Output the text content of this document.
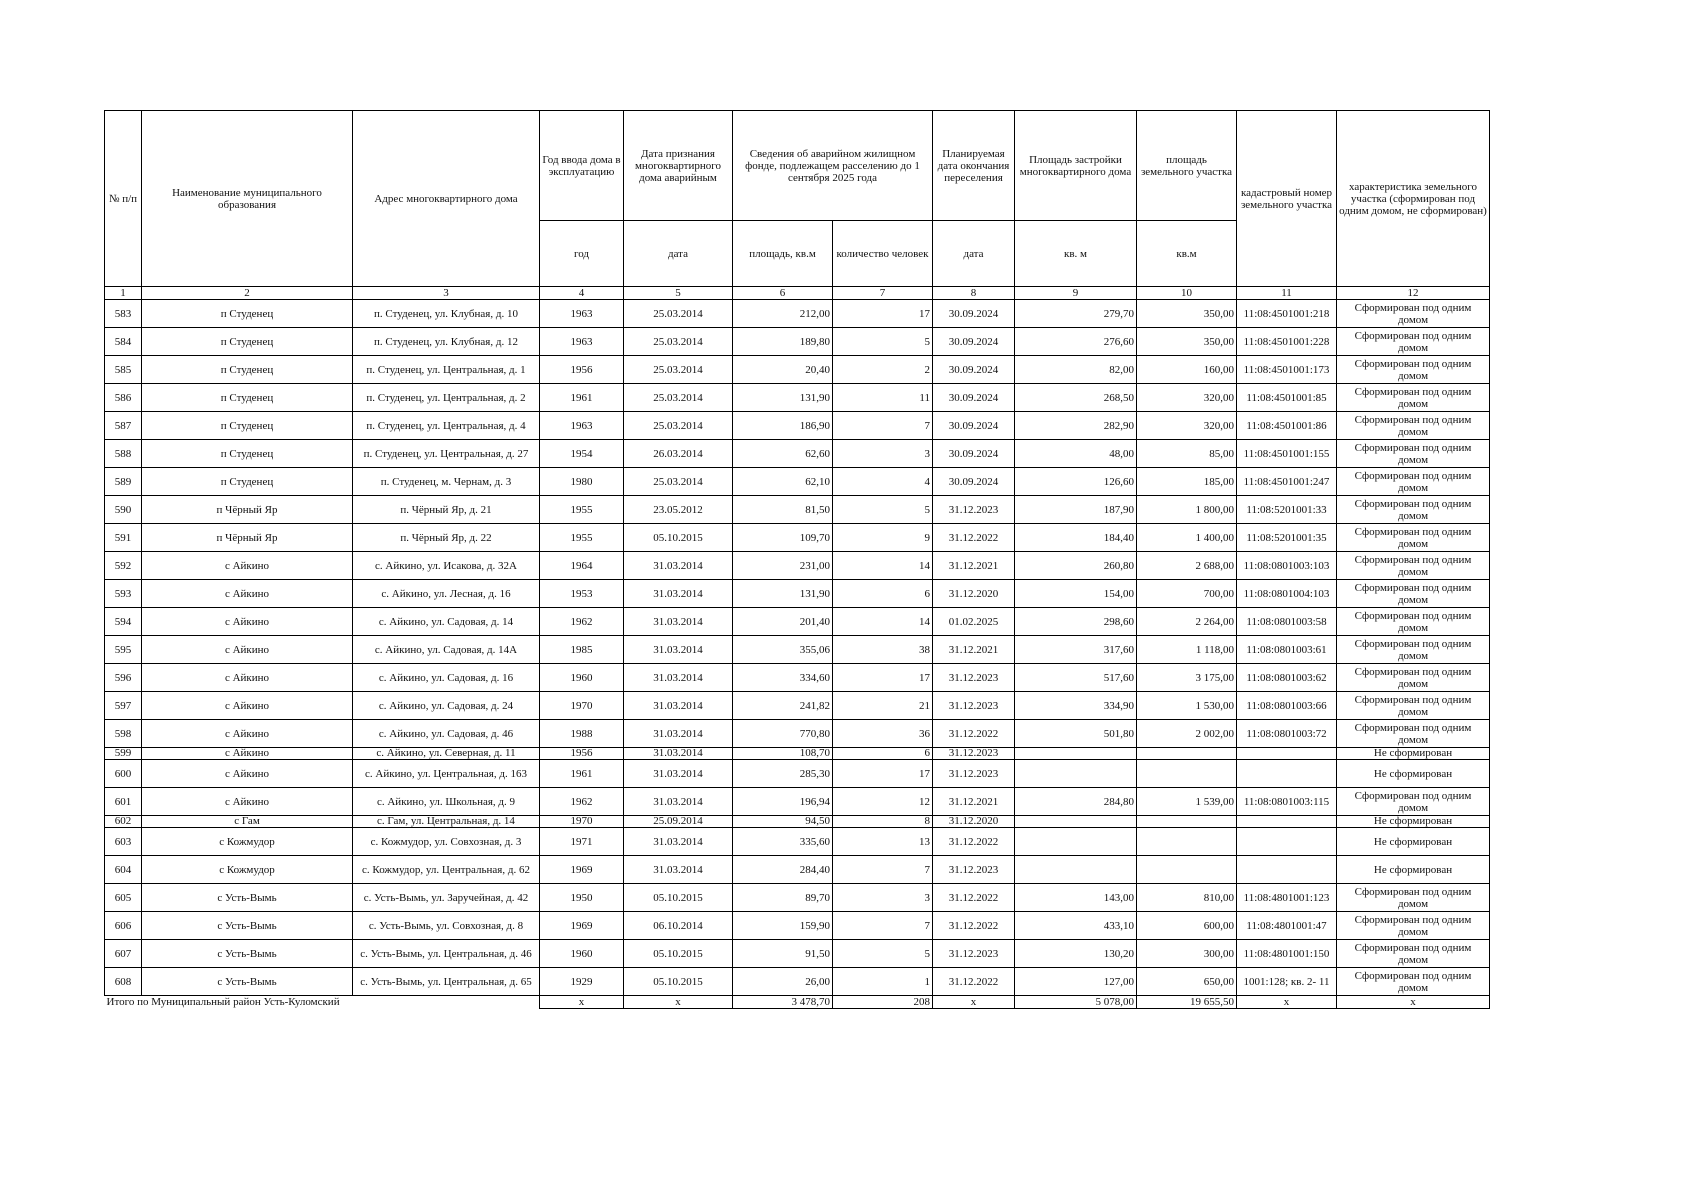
№ п/п	Наименование муниципального образования	Адрес многоквартирного дома	Год ввода дома в эксплуатацию	Дата признания многоквартирного дома аварийным	Сведения об аварийном жилищном фонде, подлежащем расселению до 1 сентября 2025 года		Планируемая дата окончания переселения	Площадь застройки многоквартирного дома	площадь земельного участка	кадастровый номер земельного участка	характеристика земельного участка (сформирован под одним домом, не сформирован)
			год	дата	площадь, кв.м	количество человек	дата	кв. м	кв.м		
1	2	3	4	5	6	7	8	9	10	11	12
583	п Студенец	п. Студенец, ул. Клубная, д. 10	1963	25.03.2014	212,00	17	30.09.2024	279,70	350,00	11:08:4501001:218	Сформирован под одним домом
584	п Студенец	п. Студенец, ул. Клубная, д. 12	1963	25.03.2014	189,80	5	30.09.2024	276,60	350,00	11:08:4501001:228	Сформирован под одним домом
585	п Студенец	п. Студенец, ул. Центральная, д. 1	1956	25.03.2014	20,40	2	30.09.2024	82,00	160,00	11:08:4501001:173	Сформирован под одним домом
586	п Студенец	п. Студенец, ул. Центральная, д. 2	1961	25.03.2014	131,90	11	30.09.2024	268,50	320,00	11:08:4501001:85	Сформирован под одним домом
587	п Студенец	п. Студенец, ул. Центральная, д. 4	1963	25.03.2014	186,90	7	30.09.2024	282,90	320,00	11:08:4501001:86	Сформирован под одним домом
588	п Студенец	п. Студенец, ул. Центральная, д. 27	1954	26.03.2014	62,60	3	30.09.2024	48,00	85,00	11:08:4501001:155	Сформирован под одним домом
589	п Студенец	п. Студенец, м. Чернам, д. 3	1980	25.03.2014	62,10	4	30.09.2024	126,60	185,00	11:08:4501001:247	Сформирован под одним домом
590	п Чёрный Яр	п. Чёрный Яр, д. 21	1955	23.05.2012	81,50	5	31.12.2023	187,90	1 800,00	11:08:5201001:33	Сформирован под одним домом
591	п Чёрный Яр	п. Чёрный Яр, д. 22	1955	05.10.2015	109,70	9	31.12.2022	184,40	1 400,00	11:08:5201001:35	Сформирован под одним домом
592	с Айкино	с. Айкино, ул. Исакова, д. 32А	1964	31.03.2014	231,00	14	31.12.2021	260,80	2 688,00	11:08:0801003:103	Сформирован под одним домом
593	с Айкино	с. Айкино, ул. Лесная, д. 16	1953	31.03.2014	131,90	6	31.12.2020	154,00	700,00	11:08:0801004:103	Сформирован под одним домом
594	с Айкино	с. Айкино, ул. Садовая, д. 14	1962	31.03.2014	201,40	14	01.02.2025	298,60	2 264,00	11:08:0801003:58	Сформирован под одним домом
595	с Айкино	с. Айкино, ул. Садовая, д. 14А	1985	31.03.2014	355,06	38	31.12.2021	317,60	1 118,00	11:08:0801003:61	Сформирован под одним домом
596	с Айкино	с. Айкино, ул. Садовая, д. 16	1960	31.03.2014	334,60	17	31.12.2023	517,60	3 175,00	11:08:0801003:62	Сформирован под одним домом
597	с Айкино	с. Айкино, ул. Садовая, д. 24	1970	31.03.2014	241,82	21	31.12.2023	334,90	1 530,00	11:08:0801003:66	Сформирован под одним домом
598	с Айкино	с. Айкино, ул. Садовая, д. 46	1988	31.03.2014	770,80	36	31.12.2022	501,80	2 002,00	11:08:0801003:72	Сформирован под одним домом
599	с Айкино	с. Айкино, ул. Северная, д. 11	1956	31.03.2014	108,70	6	31.12.2023				Не сформирован
600	с Айкино	с. Айкино, ул. Центральная, д. 163	1961	31.03.2014	285,30	17	31.12.2023				Не сформирован
601	с Айкино	с. Айкино, ул. Школьная, д. 9	1962	31.03.2014	196,94	12	31.12.2021	284,80	1 539,00	11:08:0801003:115	Сформирован под одним домом
602	с Гам	с. Гам, ул. Центральная, д. 14	1970	25.09.2014	94,50	8	31.12.2020				Не сформирован
603	с Кожмудор	с. Кожмудор, ул. Совхозная, д. 3	1971	31.03.2014	335,60	13	31.12.2022				Не сформирован
604	с Кожмудор	с. Кожмудор, ул. Центральная, д. 62	1969	31.03.2014	284,40	7	31.12.2023				Не сформирован
605	с Усть-Вымь	с. Усть-Вымь, ул. Заручейная, д. 42	1950	05.10.2015	89,70	3	31.12.2022	143,00	810,00	11:08:4801001:123	Сформирован под одним домом
606	с Усть-Вымь	с. Усть-Вымь, ул. Совхозная, д. 8	1969	06.10.2014	159,90	7	31.12.2022	433,10	600,00	11:08:4801001:47	Сформирован под одним домом
607	с Усть-Вымь	с. Усть-Вымь, ул. Центральная, д. 46	1960	05.10.2015	91,50	5	31.12.2023	130,20	300,00	11:08:4801001:150	Сформирован под одним домом
608	с Усть-Вымь	с. Усть-Вымь, ул. Центральная, д. 65	1929	05.10.2015	26,00	1	31.12.2022	127,00	650,00	1001:128; кв. 2- 11	Сформирован под одним домом
Итого по Муниципальный район Усть-Куломский			x	x	3 478,70	208	x	5 078,00	19 655,50	x	x
